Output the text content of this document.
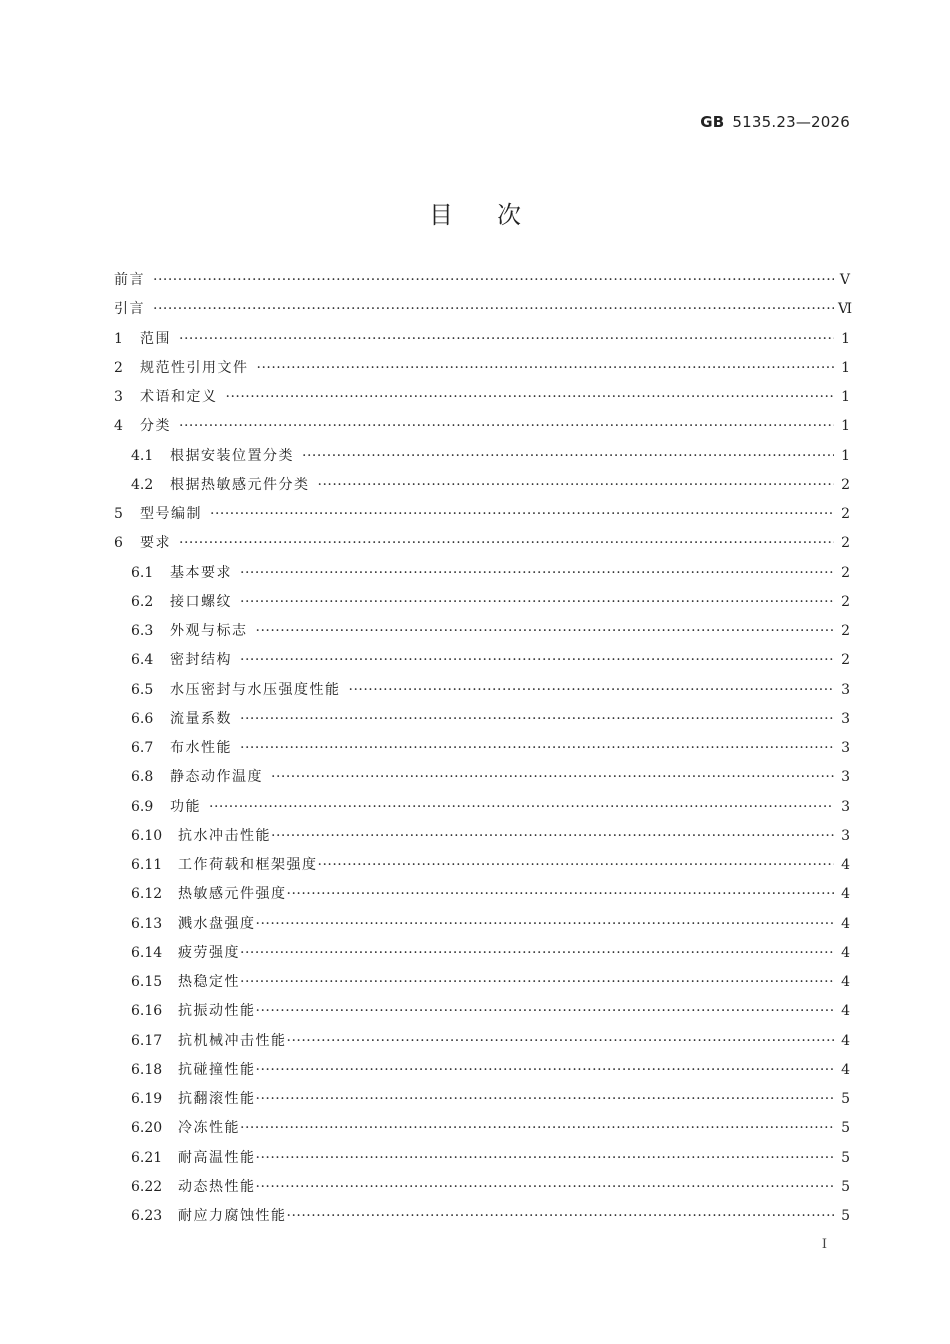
GB 5135.23—2026
目次
前言 ·····	Ⅴ
引言 ·····	Ⅵ
1	范围 ·····	1
2	规范性引用文件 ·····	1
3	术语和定义 ·····	1
4	分类 ·····	1
4.1	根据安装位置分类 ·····	1
4.2	根据热敏感元件分类 ·····	2
5	型号编制 ·····	2
6	要求 ·····	2
6.1	基本要求 ·····	2
6.2	接口螺纹 ·····	2
6.3	外观与标志 ·····	2
6.4	密封结构 ·····	2
6.5	水压密封与水压强度性能 ·····	3
6.6	流量系数 ·····	3
6.7	布水性能 ·····	3
6.8	静态动作温度 ·····	3
6.9	功能 ·····	3
6.10	抗水冲击性能 ·····	3
6.11	工作荷载和框架强度 ·····	4
6.12	热敏感元件强度 ·····	4
6.13	溅水盘强度 ·····	4
6.14	疲劳强度 ·····	4
6.15	热稳定性 ·····	4
6.16	抗振动性能 ·····	4
6.17	抗机械冲击性能 ·····	4
6.18	抗碰撞性能 ·····	4
6.19	抗翻滚性能 ·····	5
6.20	冷冻性能 ·····	5
6.21	耐高温性能 ·····	5
6.22	动态热性能 ·····	5
6.23	耐应力腐蚀性能 ·····	5
Ⅰ
